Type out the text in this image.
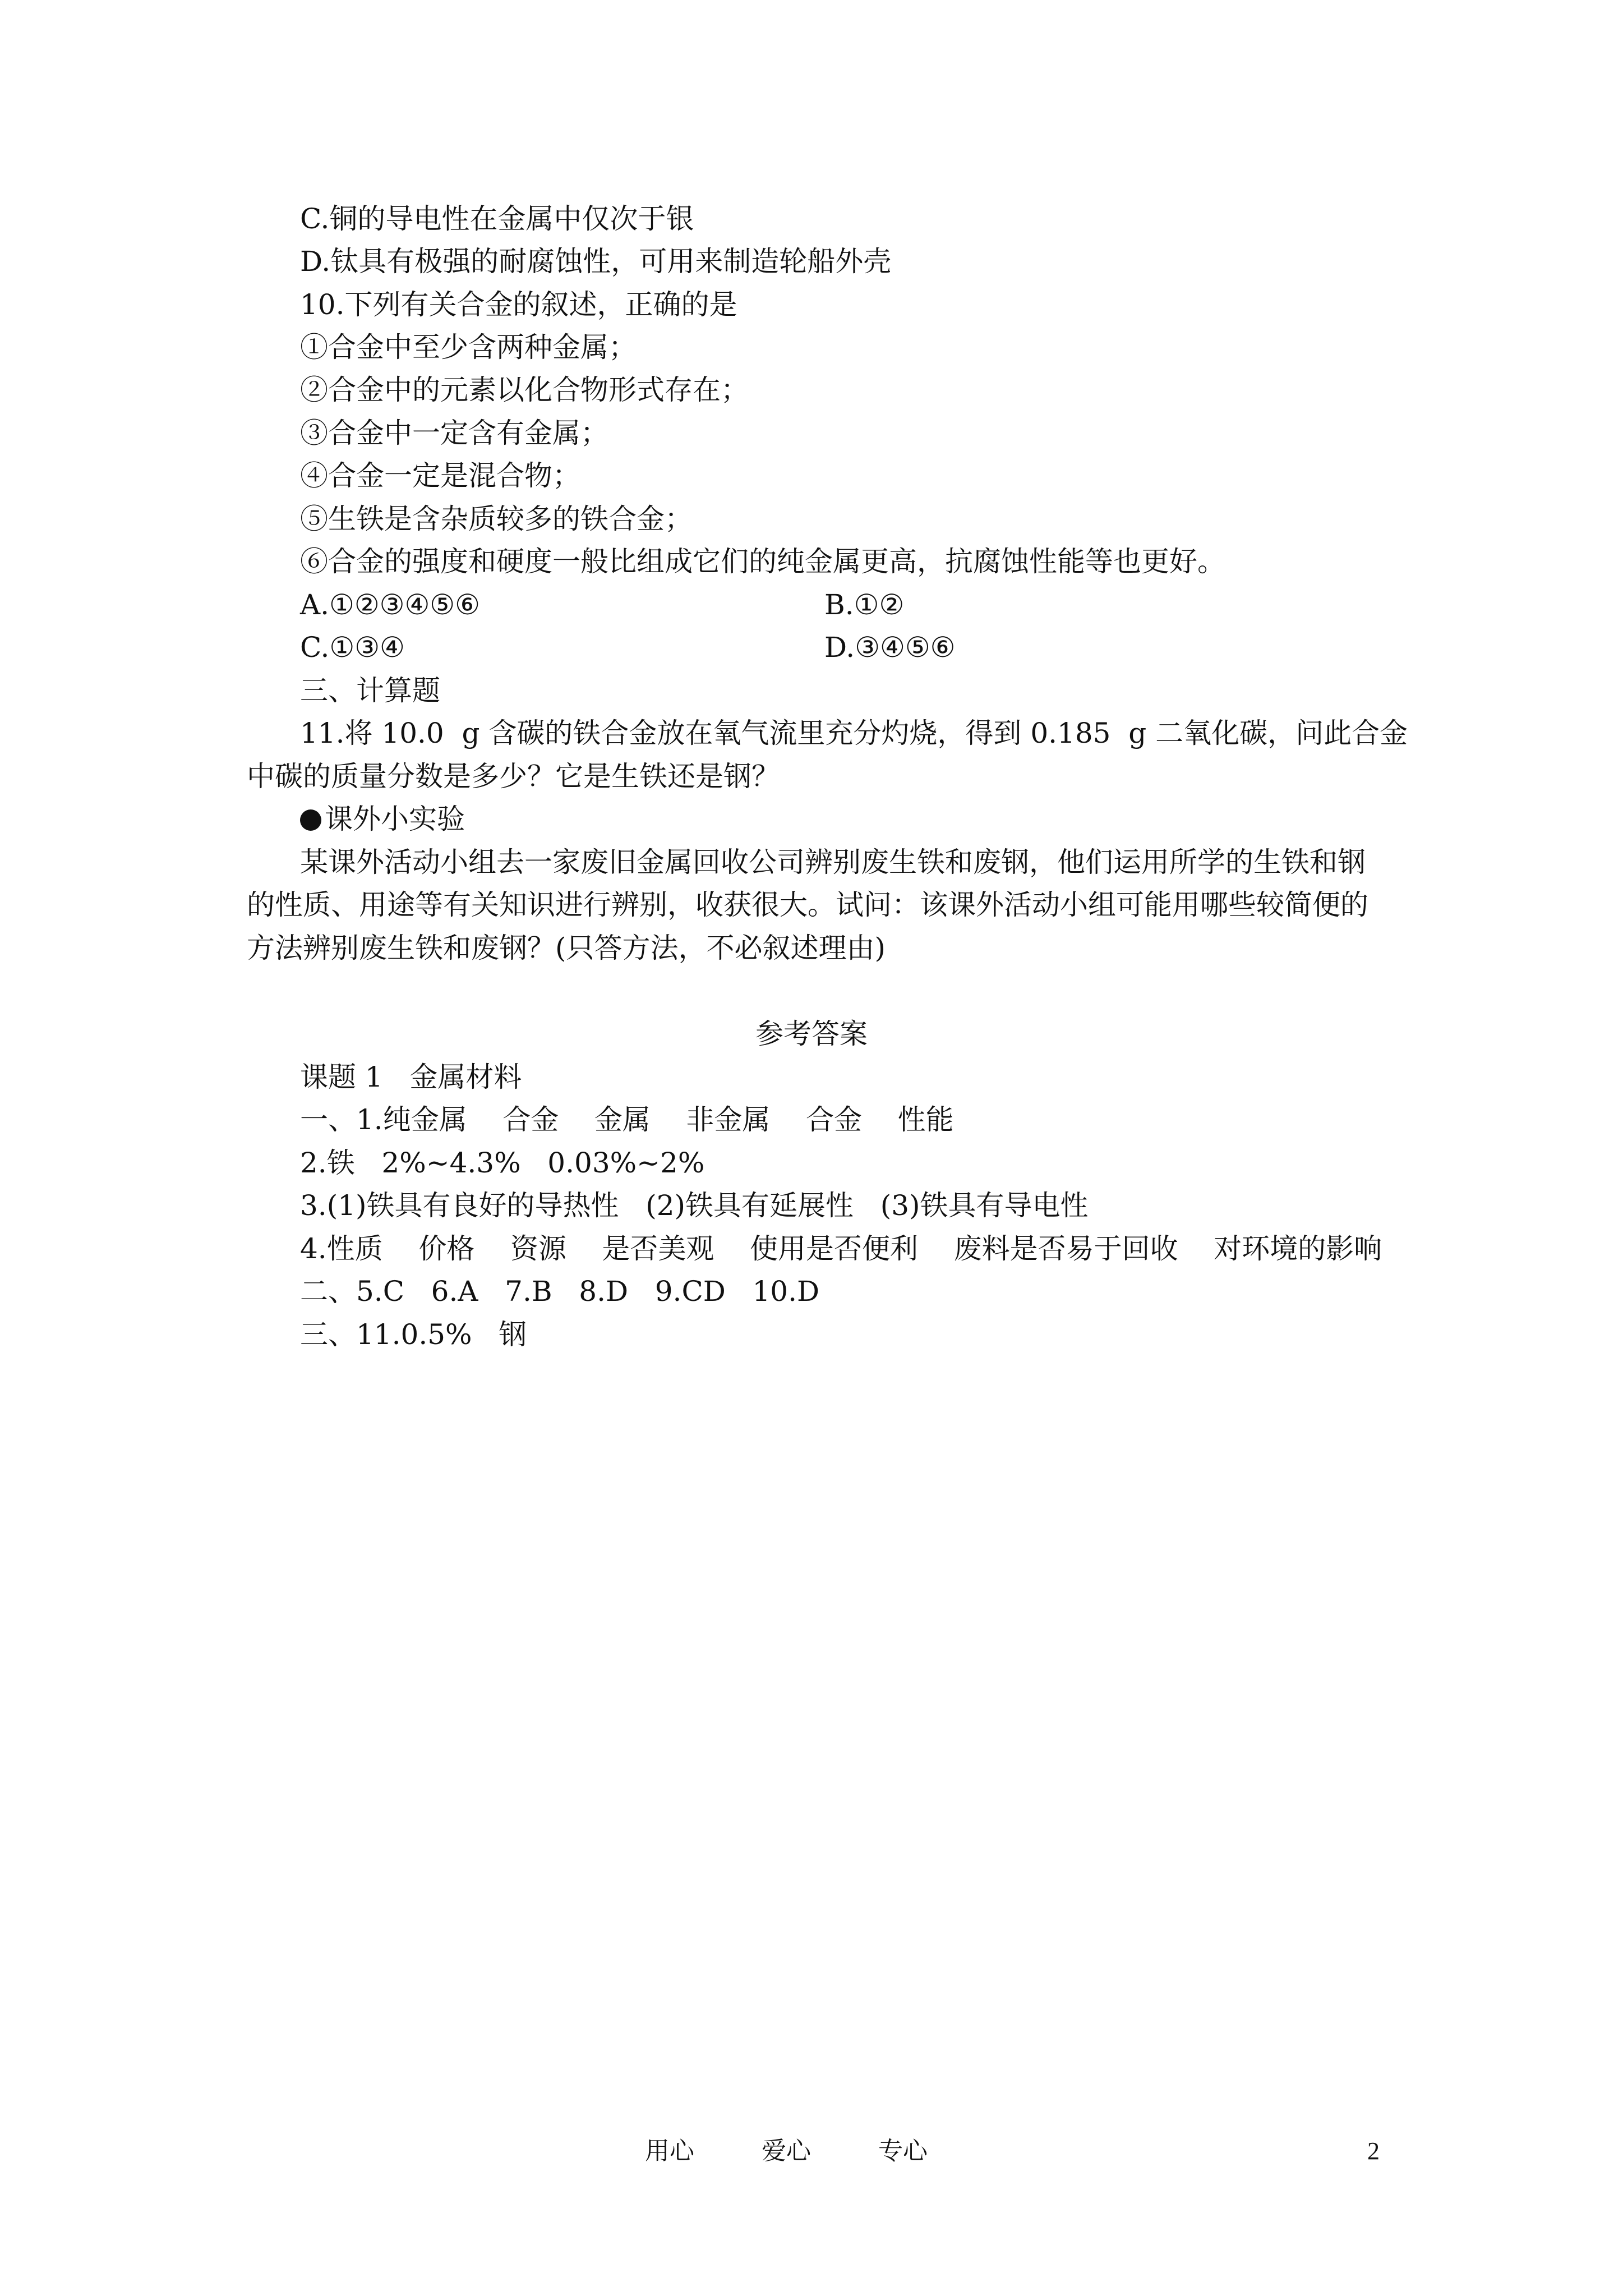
C.铜的导电性在金属中仅次于银
D.钛具有极强的耐腐蚀性，可用来制造轮船外壳
10.下列有关合金的叙述，正确的是
①合金中至少含两种金属；
②合金中的元素以化合物形式存在；
③合金中一定含有金属；
④合金一定是混合物；
⑤生铁是含杂质较多的铁合金；
⑥合金的强度和硬度一般比组成它们的纯金属更高，抗腐蚀性能等也更好。
A.①②③④⑤⑥	B.①②
C.①③④	D.③④⑤⑥
三、计算题
11.将 10.0  g 含碳的铁合金放在氧气流里充分灼烧，得到 0.185  g 二氧化碳，问此合金
中碳的质量分数是多少？它是生铁还是钢？
课外小实验
某课外活动小组去一家废旧金属回收公司辨别废生铁和废钢，他们运用所学的生铁和钢
的性质、用途等有关知识进行辨别，收获很大。试问：该课外活动小组可能用哪些较简便的
方法辨别废生铁和废钢？(只答方法，不必叙述理由)
参考答案
课题 1   金属材料
一、1.纯金属    合金    金属    非金属    合金    性能
2.铁   2%~4.3%   0.03%~2%
3.(1)铁具有良好的导热性   (2)铁具有延展性   (3)铁具有导电性
4.性质    价格    资源    是否美观    使用是否便利    废料是否易于回收    对环境的影响
二、5.C   6.A   7.B   8.D   9.CD   10.D
三、11.0.5%   钢
用心	爱心	专心	2
